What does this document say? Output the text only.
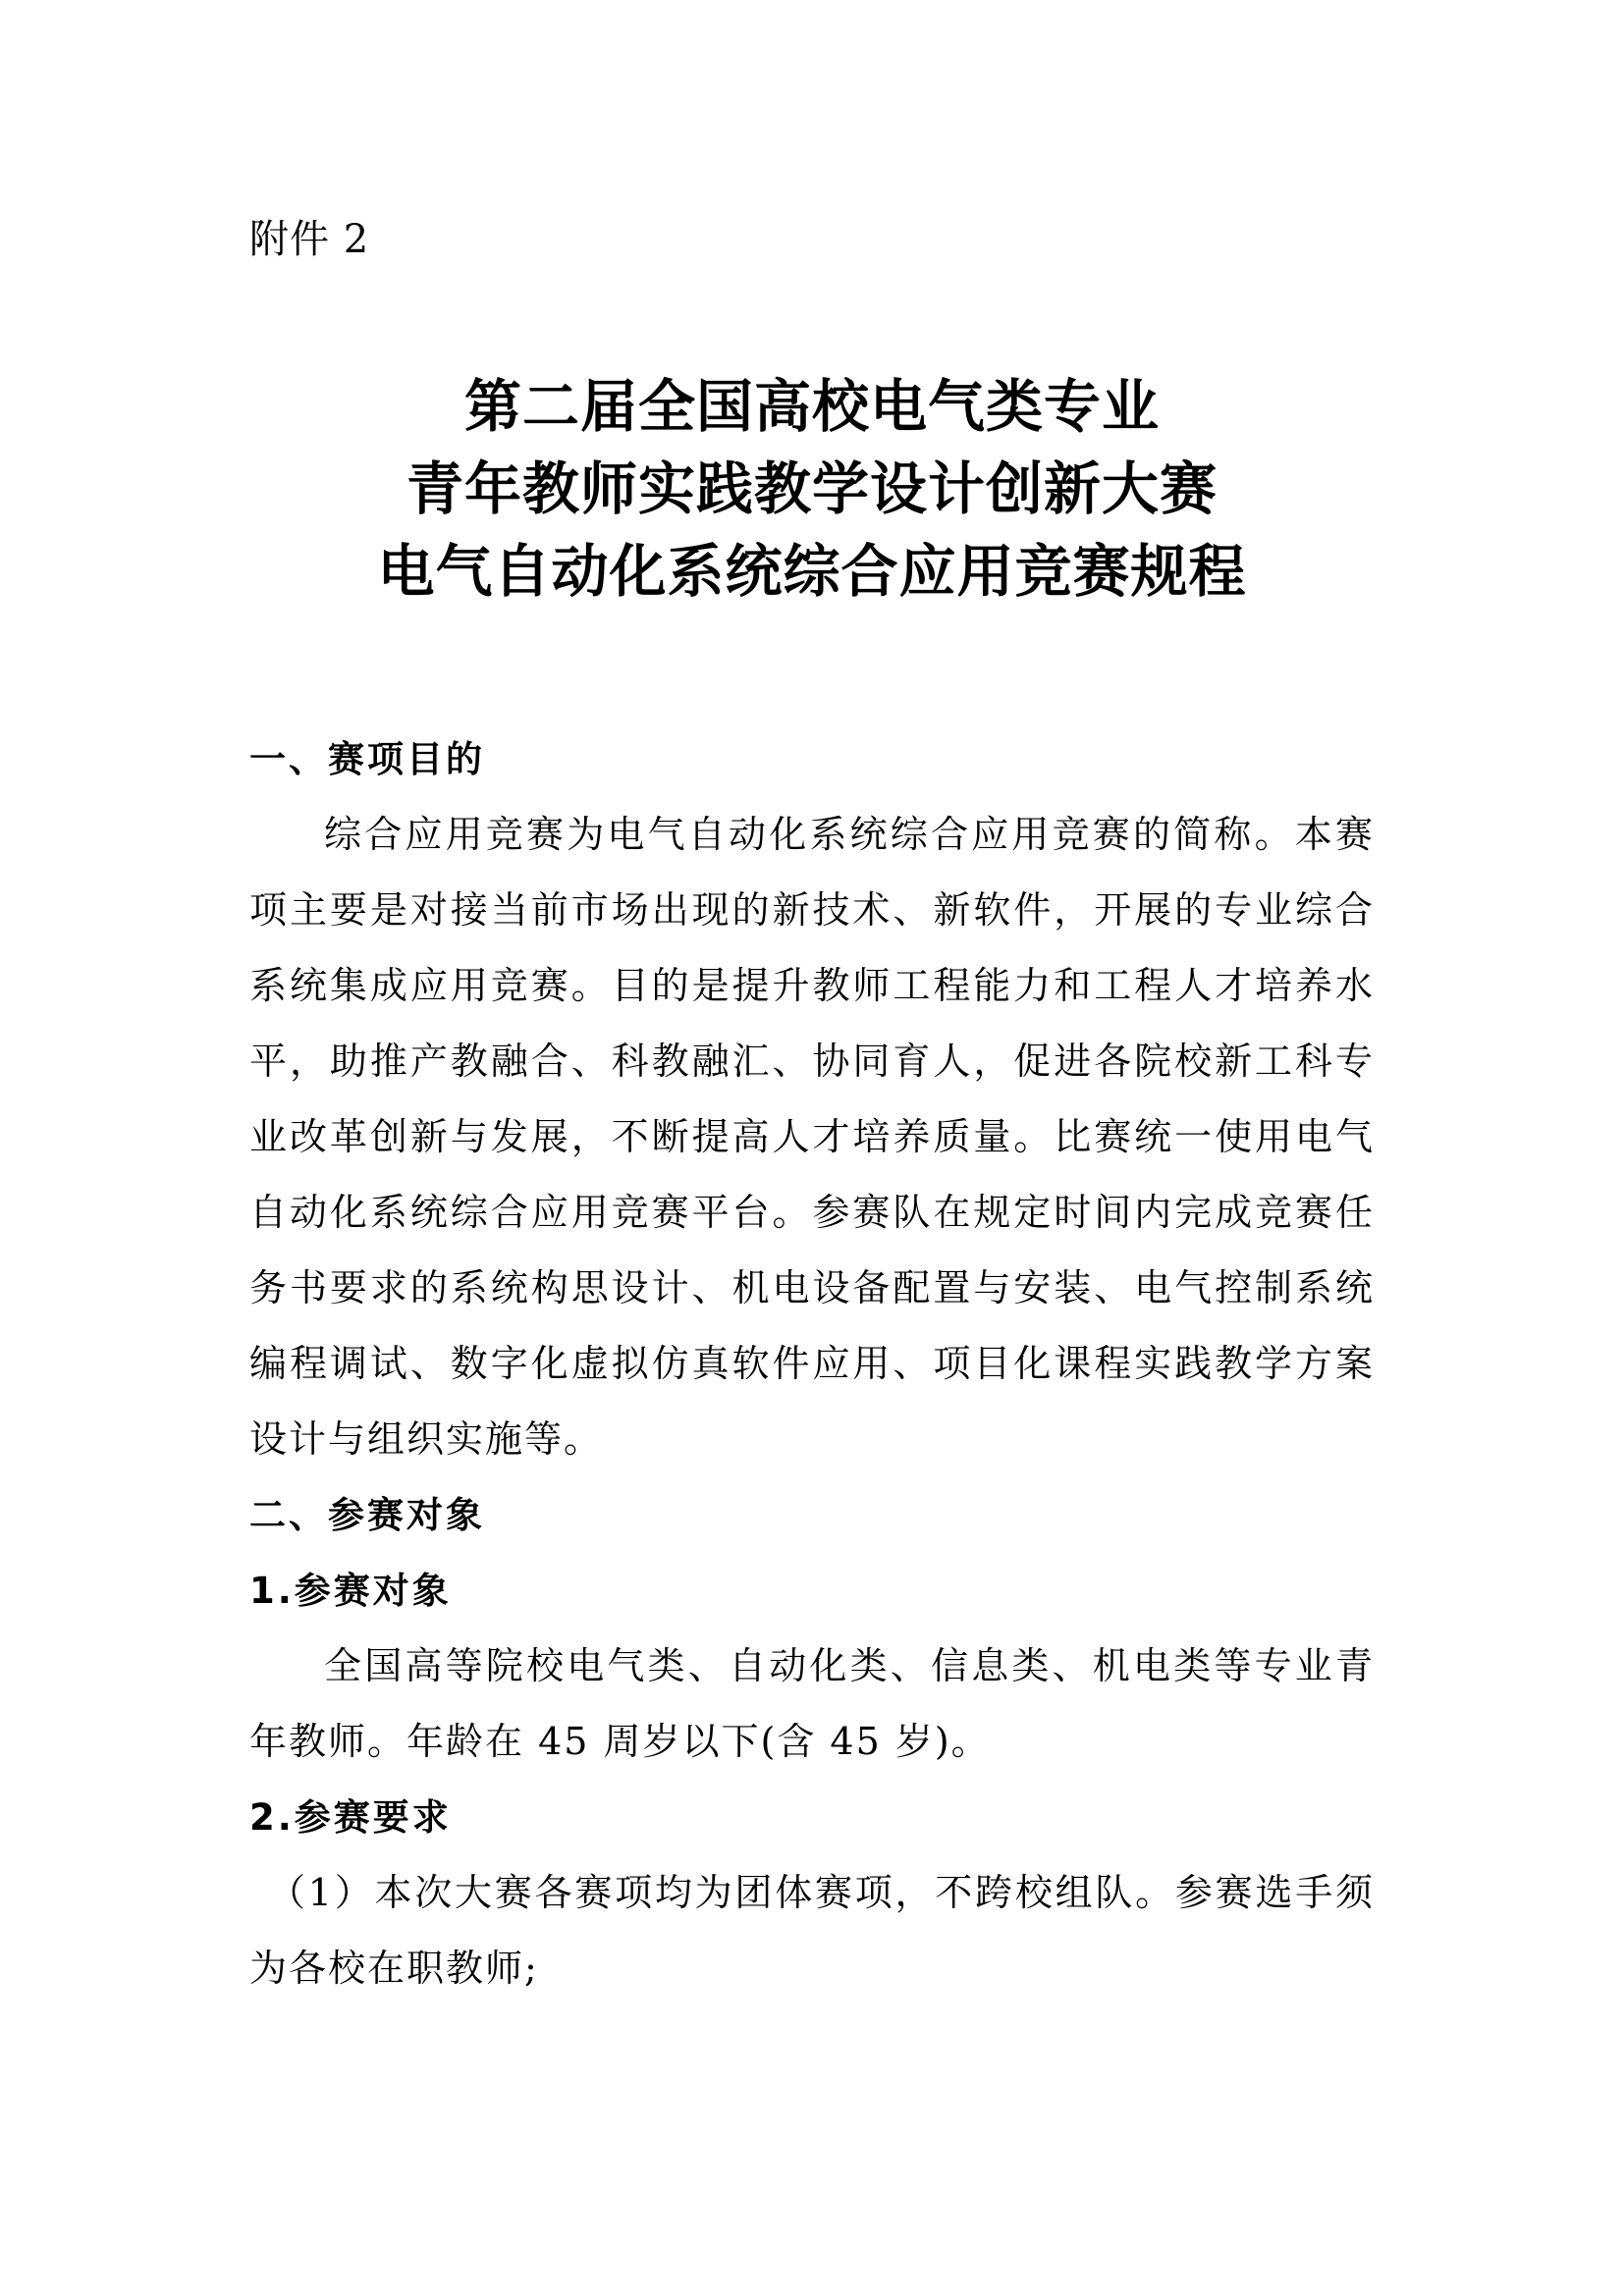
附件 2
第二届全国高校电气类专业
青年教师实践教学设计创新大赛
电气自动化系统综合应用竞赛规程
一、赛项目的

综合应用竞赛为电气自动化系统综合应用竞赛的简称。本赛项主要是对接当前市场出现的新技术、新软件，开展的专业综合系统集成应用竞赛。目的是提升教师工程能力和工程人才培养水平，助推产教融合、科教融汇、协同育人，促进各院校新工科专业改革创新与发展，不断提高人才培养质量。比赛统一使用电气自动化系统综合应用竞赛平台。参赛队在规定时间内完成竞赛任务书要求的系统构思设计、机电设备配置与安装、电气控制系统编程调试、数字化虚拟仿真软件应用、项目化课程实践教学方案设计与组织实施等。

二、参赛对象
1.参赛对象

全国高等院校电气类、自动化类、信息类、机电类等专业青年教师。年龄在 45 周岁以下(含 45 岁)。

2.参赛要求

（1）本次大赛各赛项均为团体赛项，不跨校组队。参赛选手须为各校在职教师;
